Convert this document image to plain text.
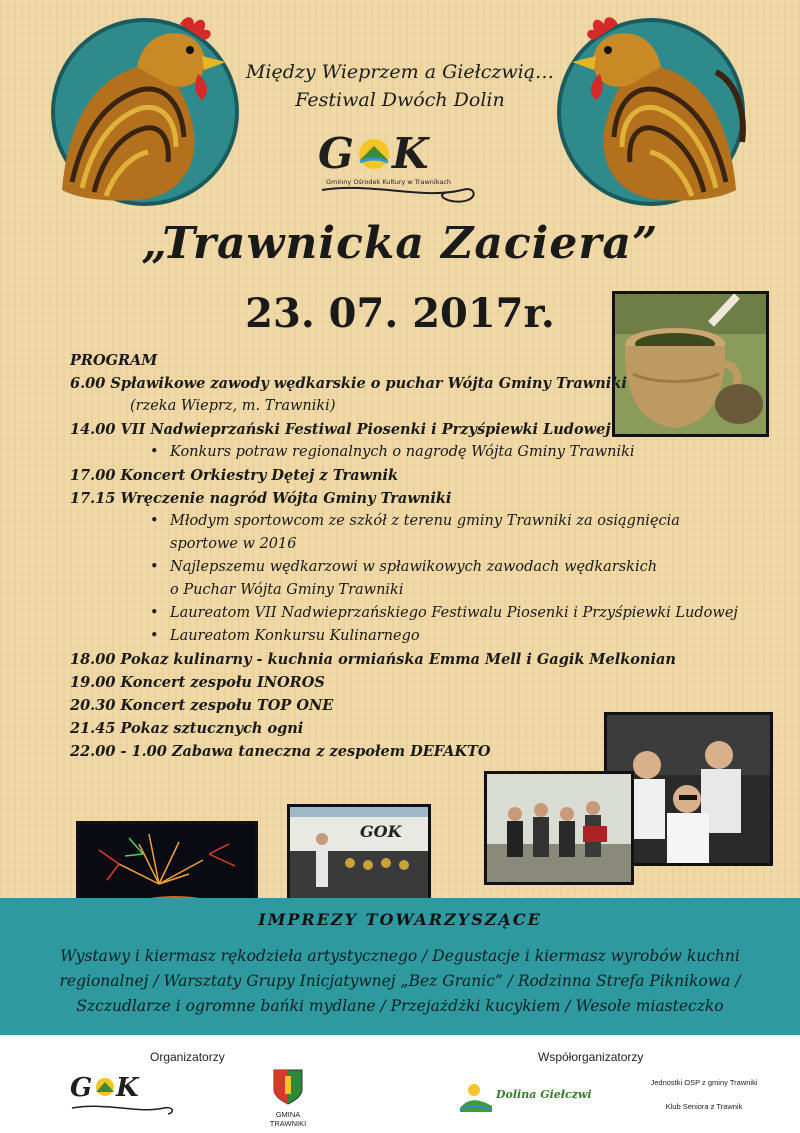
Między Wieprzem a Giełczwią…
Festiwal Dwóch Dolin
G K
Gminny Ośrodek Kultury w Trawnikach
„Trawnicka Zaciera”
23. 07. 2017r.
PROGRAM
6.00 Spławikowe zawody wędkarskie o puchar Wójta Gminy Trawniki
(rzeka Wieprz, m. Trawniki)
14.00 VII Nadwieprzański Festiwal Piosenki i Przyśpiewki Ludowej
• Konkurs potraw regionalnych o nagrodę Wójta Gminy Trawniki
17.00 Koncert Orkiestry Dętej z Trawnik
17.15 Wręczenie nagród Wójta Gminy Trawniki
• Młodym sportowcom ze szkół z terenu gminy Trawniki za osiągnięcia
sportowe w 2016
• Najlepszemu wędkarzowi w spławikowych zawodach wędkarskich
o Puchar Wójta Gminy Trawniki
• Laureatom VII Nadwieprzańskiego Festiwalu Piosenki i Przyśpiewki Ludowej
• Laureatom Konkursu Kulinarnego
18.00 Pokaz kulinarny - kuchnia ormiańska Emma Mell i Gagik Melkonian
19.00 Koncert zespołu INOROS
20.30 Koncert zespołu TOP ONE
21.45 Pokaz sztucznych ogni
22.00 - 1.00 Zabawa taneczna z zespołem DEFAKTO
GOK
IMPREZY TOWARZYSZĄCE
Wystawy i kiermasz rękodzieła artystycznego / Degustacje i kiermasz wyrobów kuchni
regionalnej / Warsztaty Grupy Inicjatywnej „Bez Granic” / Rodzinna Strefa Piknikowa /
Szczudlarze i ogromne bańki mydlane / Przejażdżki kucykiem / Wesołe miasteczko
Organizatorzy	Współorganizatorzy
G K
GMINA TRAWNIKI
Dolina Giełczwi
Jednostki OSP z gminy Trawniki
Klub Seniora z Trawnik
